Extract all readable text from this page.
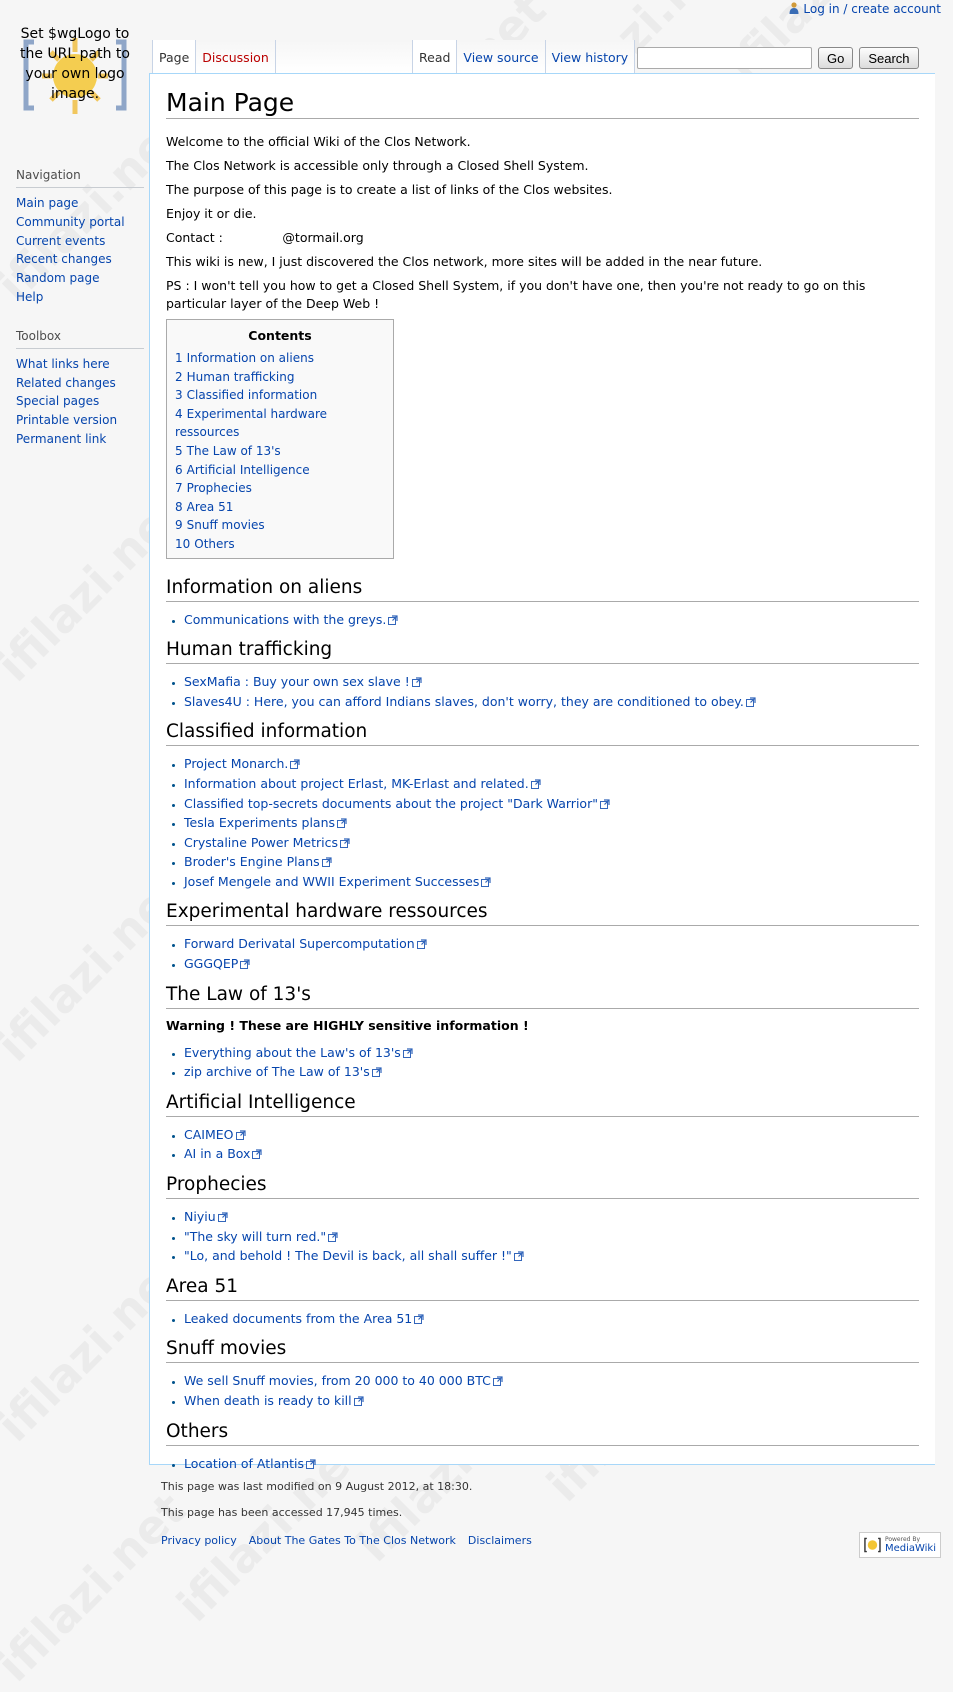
Log in / create account
Set $wgLogo to the URL path to your own logo image.
Navigation
Main page
Community portal
Current events
Recent changes
Random page
Help
Toolbox
What links here
Related changes
Special pages
Printable version
Permanent link
Page	Discussion	Read	View source	View history	Go	Search
Main Page

Welcome to the official Wiki of the Clos Network.

The Clos Network is accessible only through a Closed Shell System.

The purpose of this page is to create a list of links of the Clos websites.

Enjoy it or die.

Contact :               @tormail.org

This wiki is new, I just discovered the Clos network, more sites will be added in the near future.

PS : I won't tell you how to get a Closed Shell System, if you don't have one, then you're not ready to go on this particular layer of the Deep Web !

Contents
1 Information on aliens
2 Human trafficking
3 Classified information
4 Experimental hardware ressources
5 The Law of 13's
6 Artificial Intelligence
7 Prophecies
8 Area 51
9 Snuff movies
10 Others
Information on aliens
• Communications with the greys.
Human trafficking
• SexMafia : Buy your own sex slave !
• Slaves4U : Here, you can afford Indians slaves, don't worry, they are conditioned to obey.
Classified information
• Project Monarch.
• Information about project Erlast, MK-Erlast and related.
• Classified top-secrets documents about the project "Dark Warrior"
• Tesla Experiments plans
• Crystaline Power Metrics
• Broder's Engine Plans
• Josef Mengele and WWII Experiment Successes
Experimental hardware ressources
• Forward Derivatal Supercomputation
• GGGQEP
The Law of 13's

Warning ! These are HIGHLY sensitive information !

• Everything about the Law's of 13's
• zip archive of The Law of 13's
Artificial Intelligence
• CAIMEO
• AI in a Box
Prophecies
• Niyiu
• "The sky will turn red."
• "Lo, and behold ! The Devil is back, all shall suffer !"
Area 51
• Leaked documents from the Area 51
Snuff movies
• We sell Snuff movies, from 20 000 to 40 000 BTC
• When death is ready to kill
Others
• Location of Atlantis
This page was last modified on 9 August 2012, at 18:30.
This page has been accessed 17,945 times.
Privacy policy About The Gates To The Clos Network Disclaimers	Powered By
MediaWiki
